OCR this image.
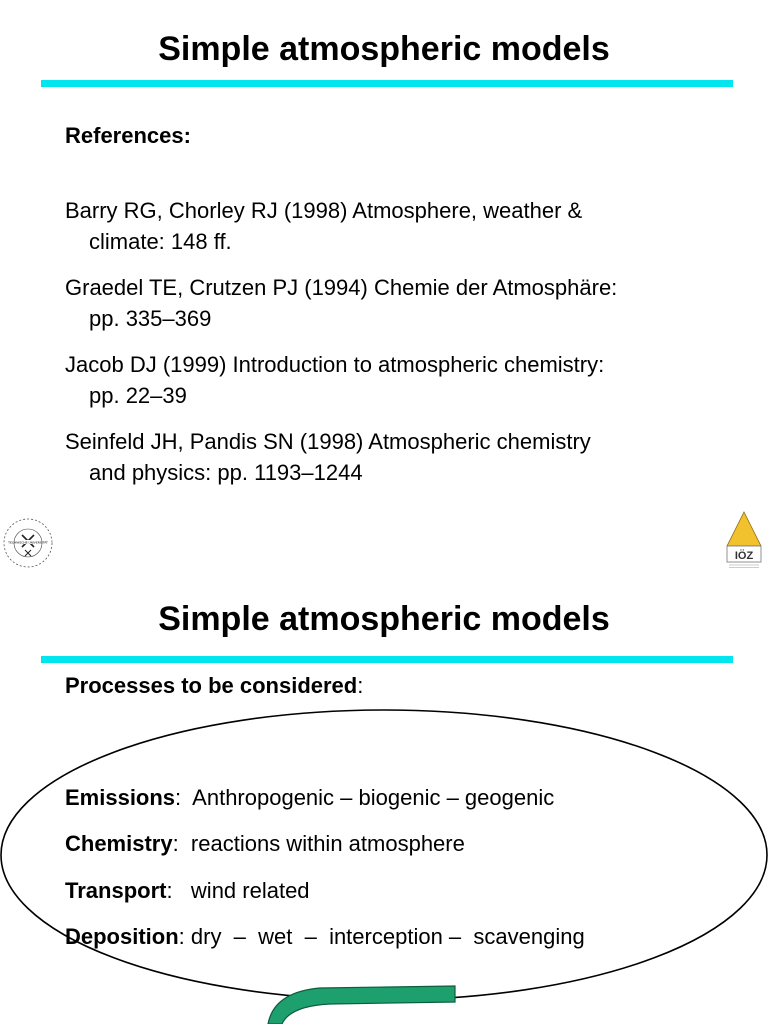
Simple atmospheric models
References:
Barry RG, Chorley RJ (1998) Atmosphere, weather &
climate: 148 ff.
Graedel TE, Crutzen PJ (1994) Chemie der Atmosphäre:
pp. 335–369
Jacob DJ (1999) Introduction to atmospheric chemistry:
pp. 22–39
Seinfeld JH, Pandis SN (1998) Atmospheric chemistry
and physics: pp. 1193–1244
TECHNISCHE UNIVERSITÄT
IÖZ
Simple atmospheric models
Processes to be considered:
Emissions:  Anthropogenic – biogenic – geogenic
Chemistry:  reactions within atmosphere
Transport:   wind related
Deposition: dry  –  wet  –  interception –  scavenging
